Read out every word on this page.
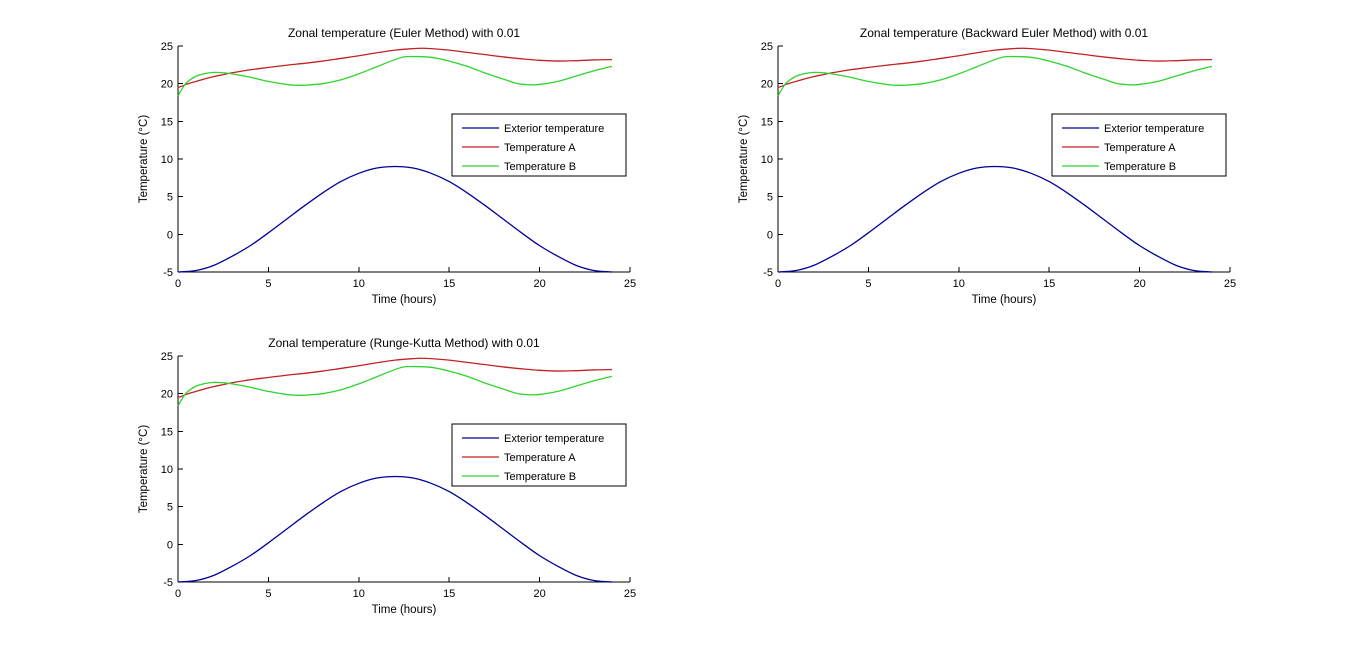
Zonal temperature (Euler Method) with 0.01
Temperature (°C)
Time (hours)
0	5	10	15	20	25
-5
0
5
10
15
20
25
Exterior temperature
Temperature A
Temperature B
Zonal temperature (Backward Euler Method) with 0.01
Temperature (°C)
Time (hours)
0	5	10	15	20	25
-5
0
5
10
15
20
25
Exterior temperature
Temperature A
Temperature B
Zonal temperature (Runge-Kutta Method) with 0.01
Temperature (°C)
Time (hours)
0	5	10	15	20	25
-5
0
5
10
15
20
25
Exterior temperature
Temperature A
Temperature B
